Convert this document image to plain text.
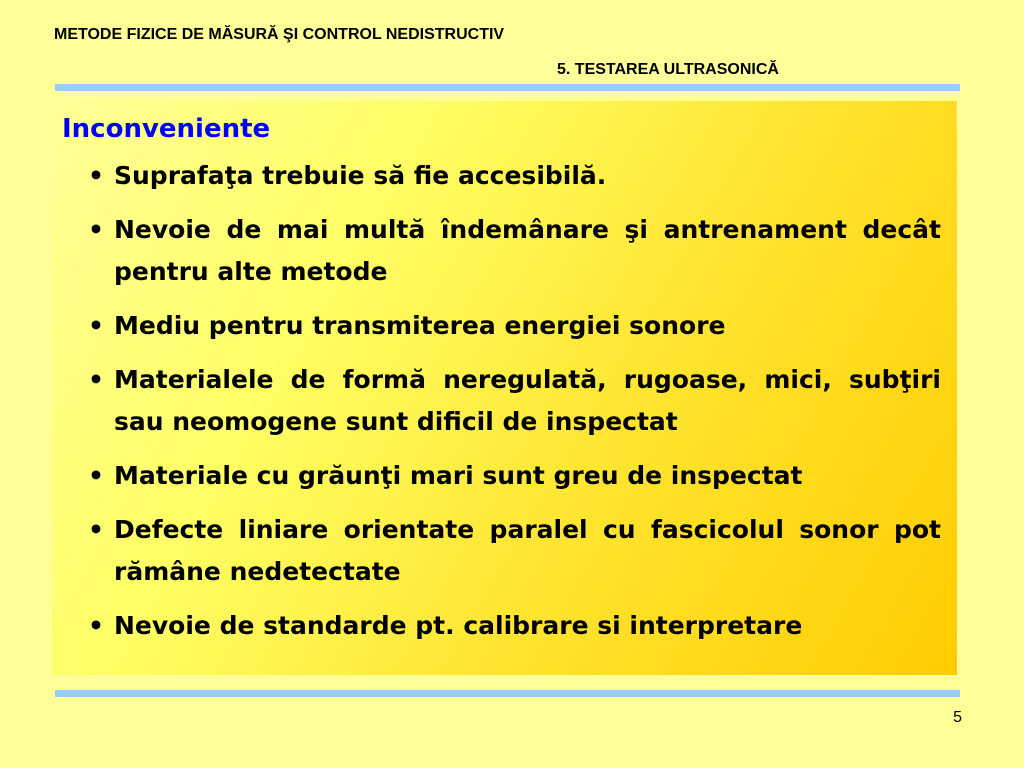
METODE FIZICE DE MĂSURĂ ŞI CONTROL NEDISTRUCTIV
5. TESTAREA ULTRASONICĂ
Inconveniente
• Suprafaţa trebuie să fie accesibilă.
• Nevoie de mai multă îndemânare şi antrenament decât pentru alte metode
• Mediu pentru transmiterea energiei sonore
• Materialele de formă neregulată, rugoase, mici, subţiri sau neomogene sunt dificil de inspectat
• Materiale cu grăunţi mari sunt greu de inspectat
• Defecte liniare orientate paralel cu fascicolul sonor pot rămâne nedetectate
• Nevoie de standarde pt. calibrare si interpretare
5
